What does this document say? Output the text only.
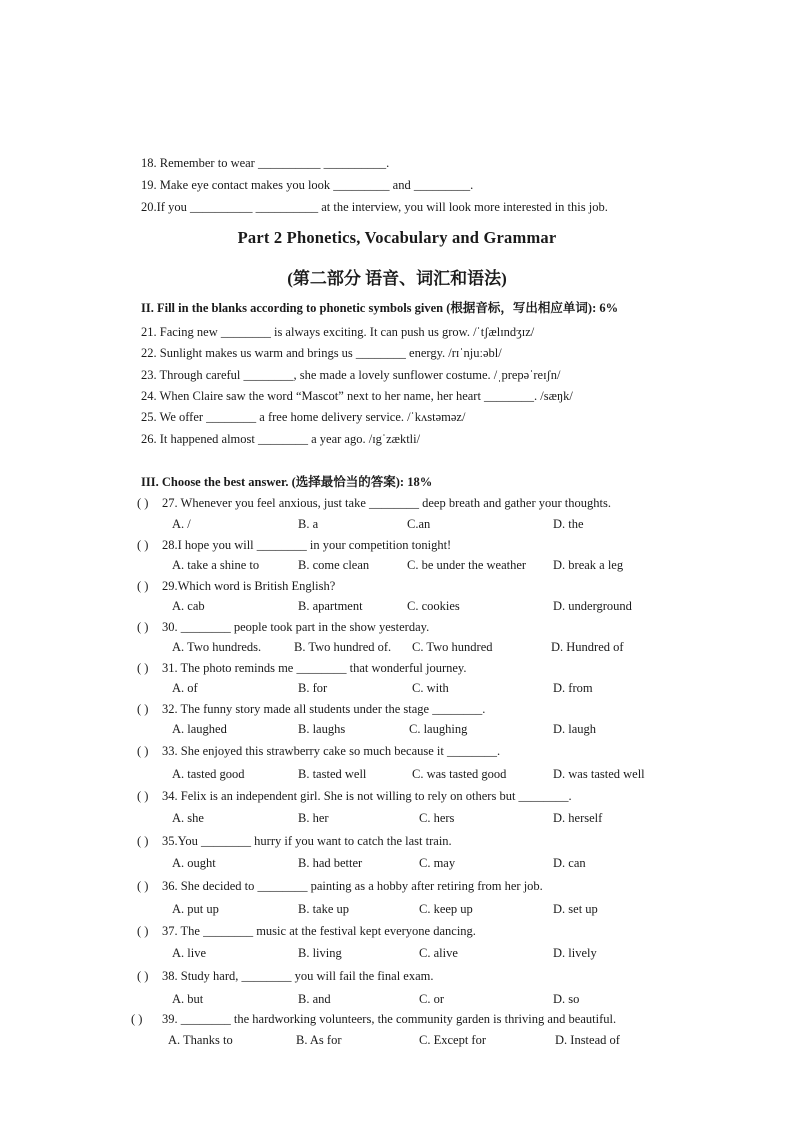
18. Remember to wear __________ __________.
19. Make eye contact makes you look _________ and _________.
20.If you __________ __________ at the interview, you will look more interested in this job.
Part 2 Phonetics, Vocabulary and Grammar
(第二部分 语音、词汇和语法)
II. Fill in the blanks according to phonetic symbols given (根据音标，写出相应单词): 6%
21. Facing new ________ is always exciting. It can push us grow. /ˈtʃælɪndʒɪz/
22. Sunlight makes us warm and brings us ________ energy. /rɪˈnjuːəbl/
23. Through careful ________, she made a lovely sunflower costume. /ˌprepəˈreɪʃn/
24. When Claire saw the word “Mascot” next to her name, her heart ________. /sæŋk/
25. We offer ________ a free home delivery service. /ˈkʌstəməz/
26. It happened almost ________ a year ago. /ɪgˈzæktli/
III. Choose the best answer. (选择最恰当的答案): 18%
( ) 27. Whenever you feel anxious, just take ________ deep breath and gather your thoughts.
A. /	B. a	C.an	D. the
( ) 28.I hope you will ________ in your competition tonight!
A. take a shine to	B. come clean	C. be under the weather D. break a leg
( ) 29.Which word is British English?
A. cab	B. apartment	C. cookies	D. underground
( ) 30. ________ people took part in the show yesterday.
A. Two hundreds.	B. Two hundred of. C. Two hundred	D. Hundred of
( ) 31. The photo reminds me ________ that wonderful journey.
A. of	B. for	C. with	D. from
( ) 32. The funny story made all students under the stage ________.
A. laughed	B. laughs	C. laughing	D. laugh
( ) 33. She enjoyed this strawberry cake so much because it ________.
A. tasted good	B. tasted well	C. was tasted good	D. was tasted well
( ) 34. Felix is an independent girl. She is not willing to rely on others but ________.
A. she	B. her	C. hers	D. herself
( ) 35.You ________ hurry if you want to catch the last train.
A. ought	B. had better	C. may	D. can
( ) 36. She decided to ________ painting as a hobby after retiring from her job.
A. put up	B. take up	C. keep up	D. set up
( ) 37. The ________ music at the festival kept everyone dancing.
A. live	B. living	C. alive	D. lively
( ) 38. Study hard, ________ you will fail the final exam.
A. but	B. and	C. or	D. so
( ) 39. ________ the hardworking volunteers, the community garden is thriving and beautiful.
A. Thanks to	B. As for	C. Except for	D. Instead of
